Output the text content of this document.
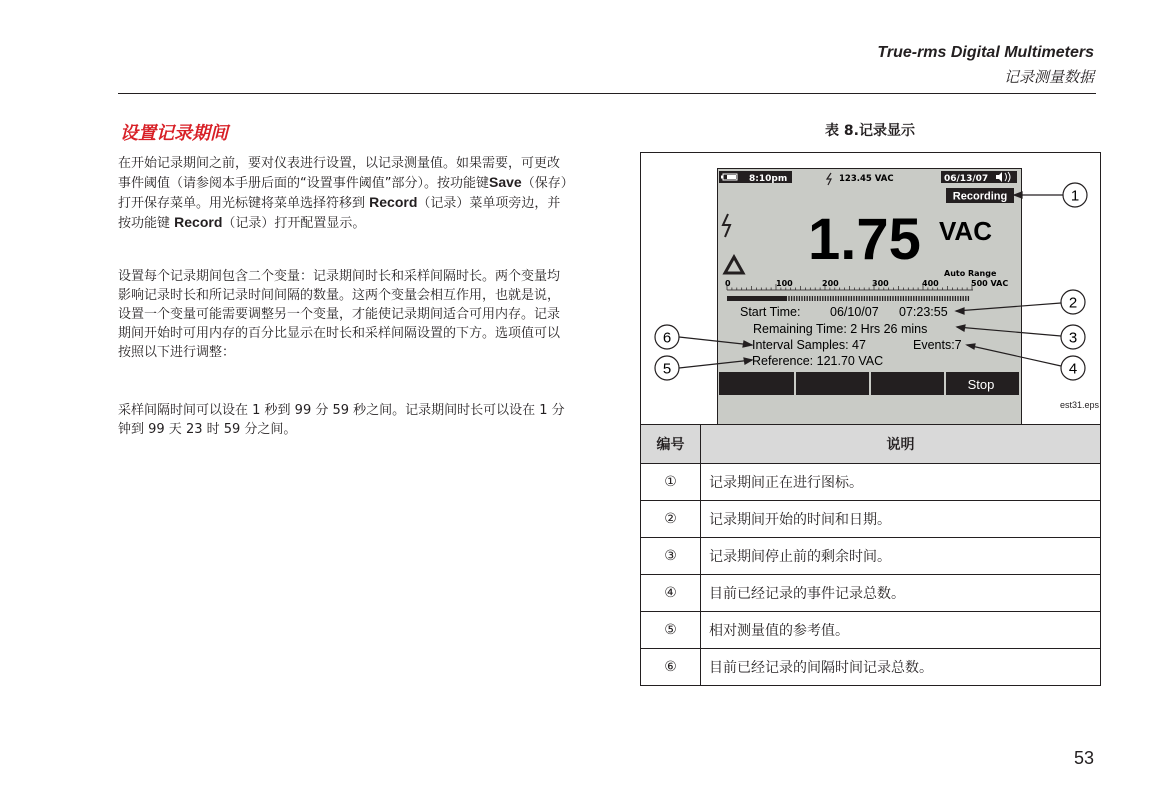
True-rms Digital Multimeters
记录测量数据
设置记录期间
在开始记录期间之前，要对仪表进行设置，以记录测量值。如果需要，可更改事件阈值（请参阅本手册后面的“设置事件阈值”部分）。按功能键Save（保存）打开保存菜单。用光标键将菜单选择符移到 Record（记录）菜单项旁边，并按功能键 Record（记录）打开配置显示。
设置每个记录期间包含二个变量：记录期间时长和采样间隔时长。两个变量均影响记录时长和所记录时间间隔的数量。这两个变量会相互作用，也就是说，设置一个变量可能需要调整另一个变量，才能使记录期间适合可用内存。记录期间开始时可用内存的百分比显示在时长和采样间隔设置的下方。选项值可以按照以下进行调整：
采样间隔时间可以设在 1 秒到 99 分 59 秒之间。记录期间时长可以设在 1 分钟到 99 天 23 时 59 分之间。
表 8.记录显示
8:10pm	123.45 VAC	06/13/07
Recording
1.75 VAC
Auto Range
0	100	200	300	400	500 VAC
Start Time: 06/10/07 07:23:55
Remaining Time: 2 Hrs 26 mins
Interval Samples: 47	Events:7
Reference: 121.70 VAC
Stop
1
2
3
4
5
6
est31.eps
编号	说明
①	记录期间正在进行图标。
②	记录期间开始的时间和日期。
③	记录期间停止前的剩余时间。
④	目前已经记录的事件记录总数。
⑤	相对测量值的参考值。
⑥	目前已经记录的间隔时间记录总数。
53
